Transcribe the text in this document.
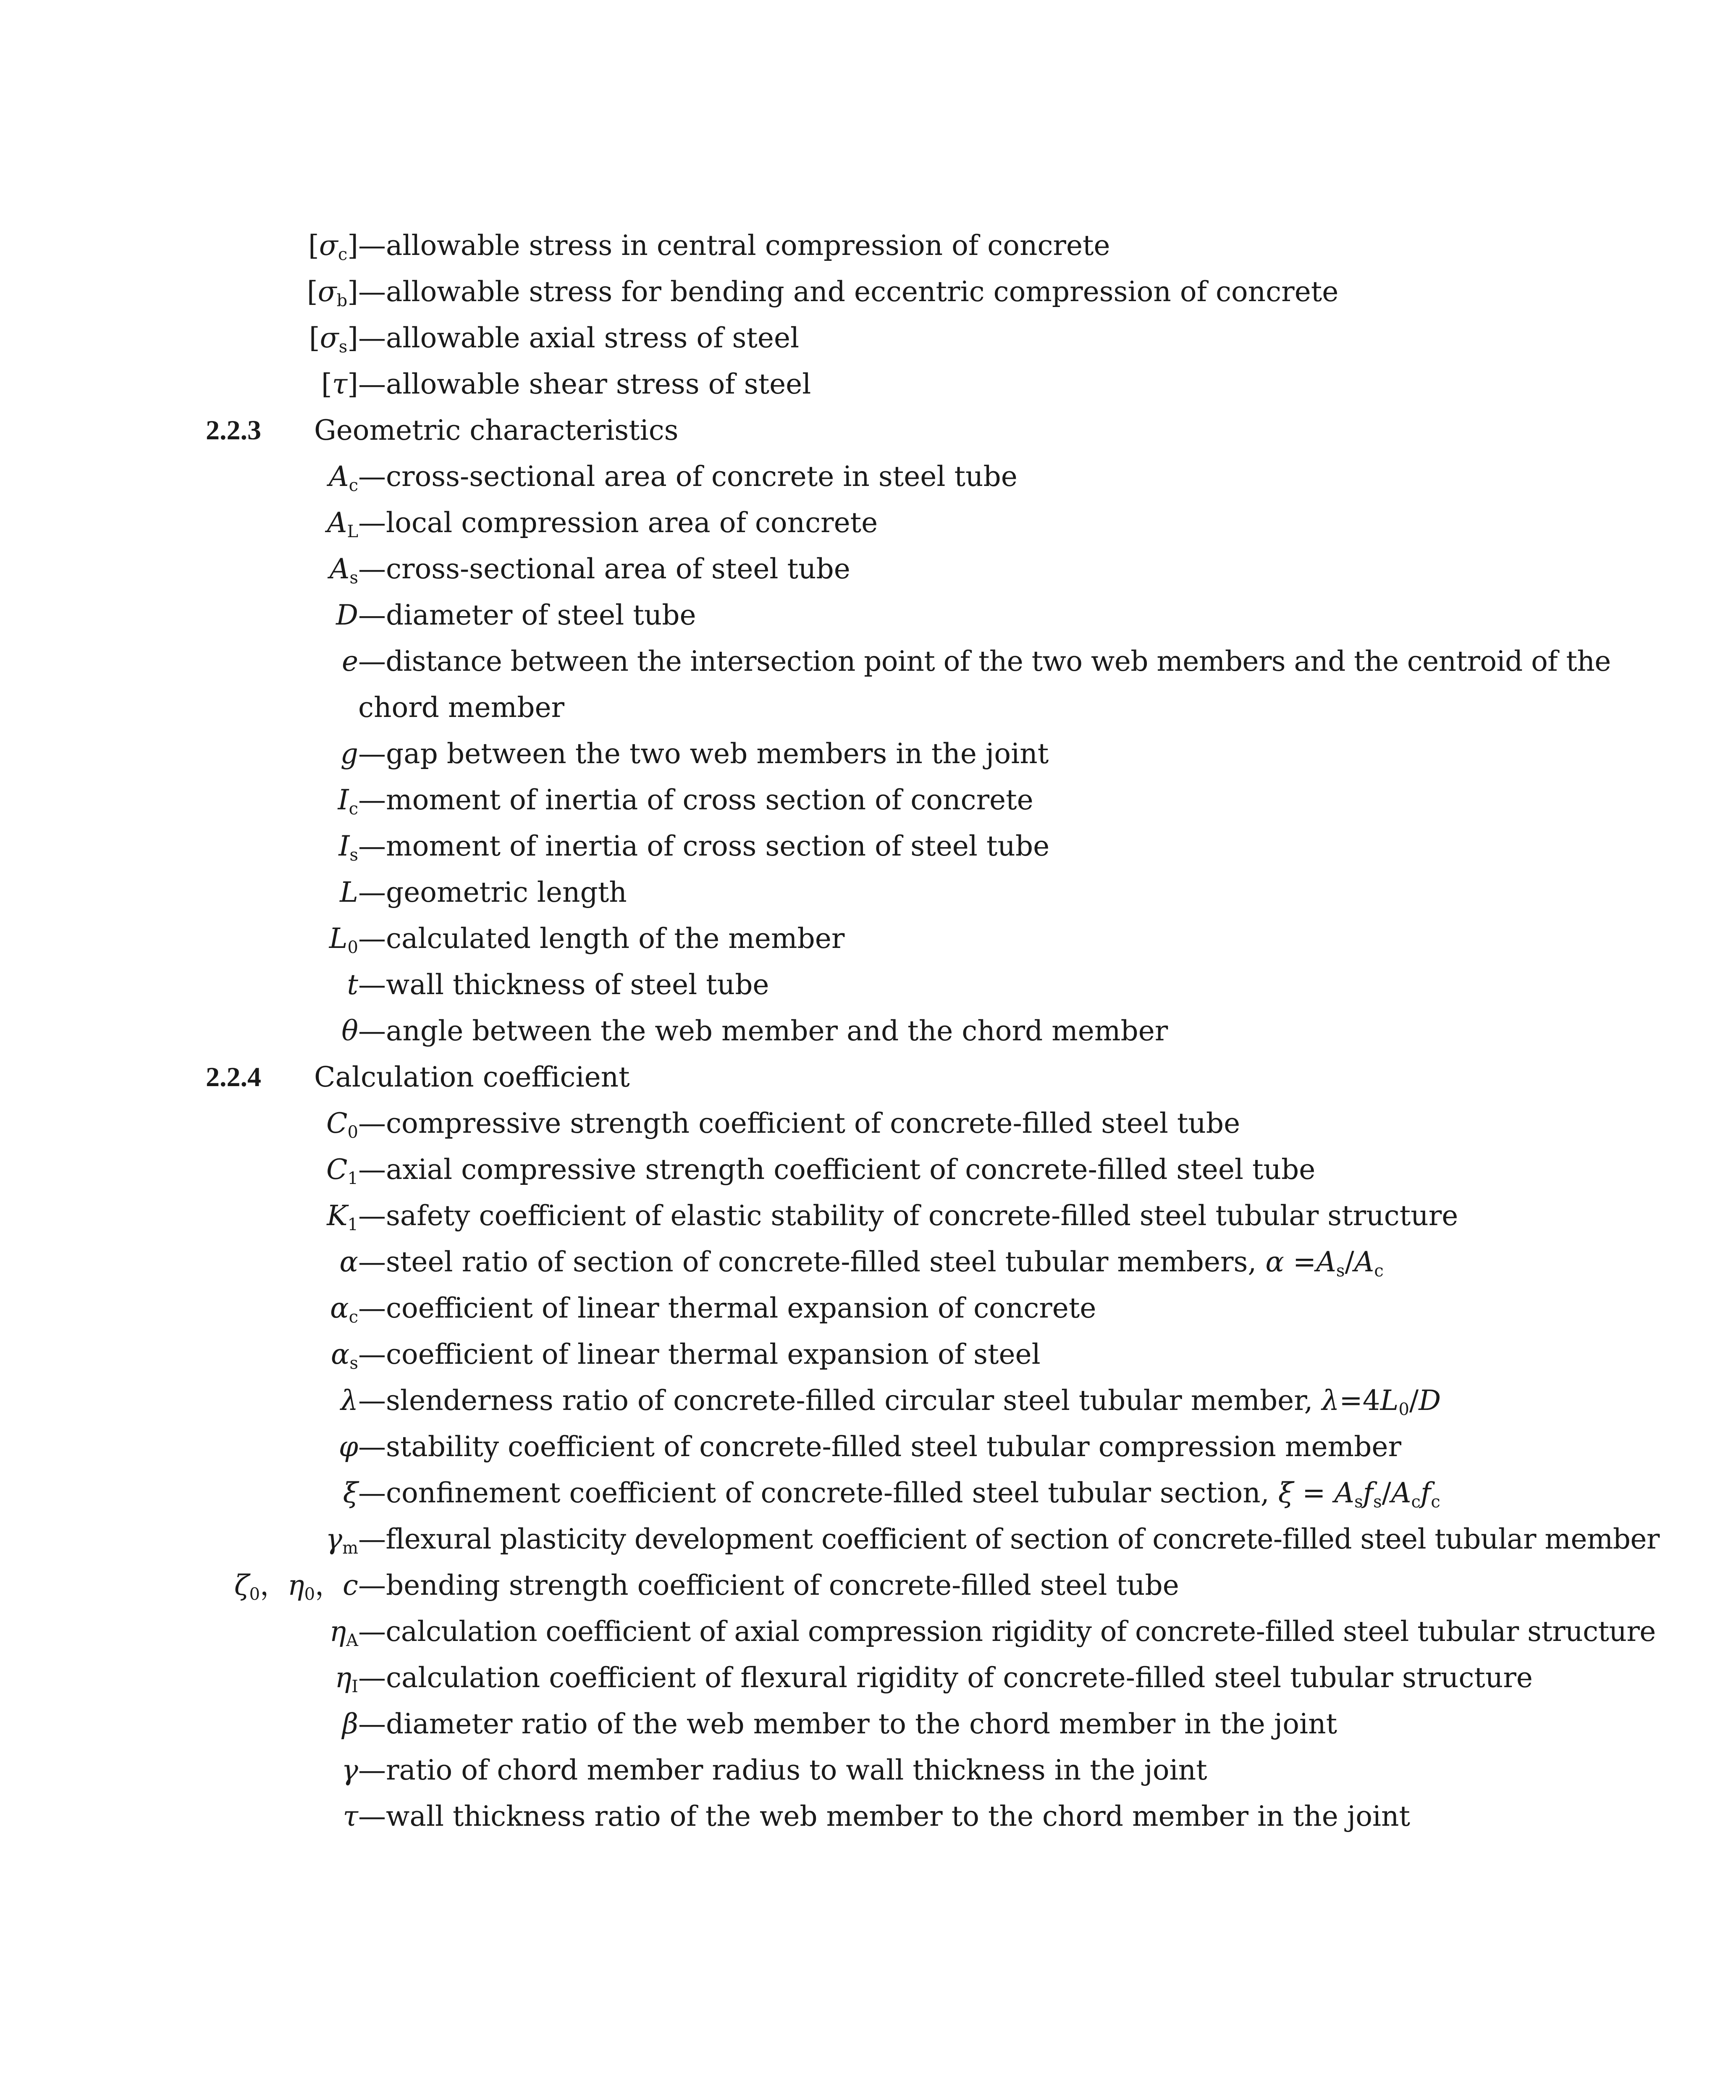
$[\sigma_c]$ —allowable stress in central compression of concrete
$[\sigma_b]$ —allowable stress for bending and eccentric compression of concrete
$[\sigma_s]$ —allowable axial stress of steel
[τ] —allowable shear stress of steel
2.2.3 Geometric characteristics
$A_c$ —cross-sectional area of concrete in steel tube
$A_L$ —local compression area of concrete
$A_s$ —cross-sectional area of steel tube
D —diameter of steel tube
e —distance between the intersection point of the two web members and the centroid of the
chord member
g —gap between the two web members in the joint
$I_c$ —moment of inertia of cross section of concrete
$I_s$ —moment of inertia of cross section of steel tube
L —geometric length
$L_0$ —calculated length of the member
t —wall thickness of steel tube
θ —angle between the web member and the chord member
2.2.4 Calculation coefficient
$C_0$ —compressive strength coefficient of concrete-filled steel tube
$C_1$ —axial compressive strength coefficient of concrete-filled steel tube
$K_1$ —safety coefficient of elastic stability of concrete-filled steel tubular structure
α —steel ratio of section of concrete-filled steel tubular members, $\alpha =A_s/A_c$
$\alpha_c$ —coefficient of linear thermal expansion of concrete
$\alpha_s$ —coefficient of linear thermal expansion of steel
λ —slenderness ratio of concrete-filled circular steel tubular member, $\lambda=4L_0/D$
φ —stability coefficient of concrete-filled steel tubular compression member
ξ —confinement coefficient of concrete-filled steel tubular section, $\xi = A_sf_s/A_cf_c$
$\gamma_m$ —flexural plasticity development coefficient of section of concrete-filled steel tubular member
$\zeta_0$，$\eta_0$，c —bending strength coefficient of concrete-filled steel tube
$\eta_A$ —calculation coefficient of axial compression rigidity of concrete-filled steel tubular structure
$\eta_I$ —calculation coefficient of flexural rigidity of concrete-filled steel tubular structure
β —diameter ratio of the web member to the chord member in the joint
γ —ratio of chord member radius to wall thickness in the joint
τ —wall thickness ratio of the web member to the chord member in the joint
